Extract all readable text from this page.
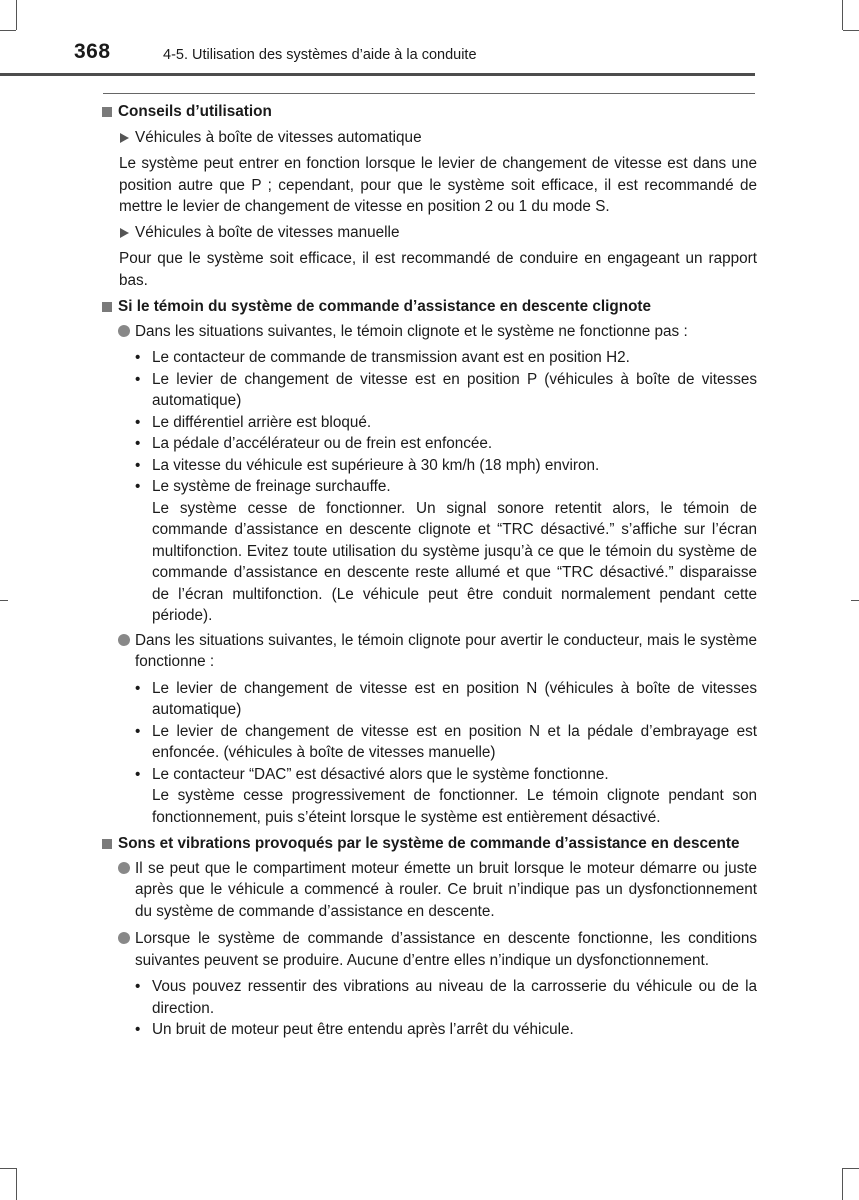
368	4-5. Utilisation des systèmes d’aide à la conduite
Conseils d’utilisation
Véhicules à boîte de vitesses automatique
Le système peut entrer en fonction lorsque le levier de changement de vitesse est dans une position autre que P ; cependant, pour que le système soit efficace, il est recommandé de mettre le levier de changement de vitesse en position 2 ou 1 du mode S.
Véhicules à boîte de vitesses manuelle
Pour que le système soit efficace, il est recommandé de conduire en engageant un rapport bas.
Si le témoin du système de commande d’assistance en descente clignote
Dans les situations suivantes, le témoin clignote et le système ne fonctionne pas :
• Le contacteur de commande de transmission avant est en position H2.
• Le levier de changement de vitesse est en position P (véhicules à boîte de vitesses automatique)
• Le différentiel arrière est bloqué.
• La pédale d’accélérateur ou de frein est enfoncée.
• La vitesse du véhicule est supérieure à 30 km/h (18 mph) environ.
• Le système de freinage surchauffe.
Le système cesse de fonctionner. Un signal sonore retentit alors, le témoin de commande d’assistance en descente clignote et “TRC désactivé.” s’affiche sur l’écran multifonction. Evitez toute utilisation du système jusqu’à ce que le témoin du système de commande d’assistance en descente reste allumé et que “TRC désactivé.” disparaisse de l’écran multifonction. (Le véhicule peut être conduit normalement pendant cette période).
Dans les situations suivantes, le témoin clignote pour avertir le conducteur, mais le système fonctionne :
• Le levier de changement de vitesse est en position N (véhicules à boîte de vitesses automatique)
• Le levier de changement de vitesse est en position N et la pédale d’embrayage est enfoncée. (véhicules à boîte de vitesses manuelle)
• Le contacteur “DAC” est désactivé alors que le système fonctionne.
Le système cesse progressivement de fonctionner. Le témoin clignote pendant son fonctionnement, puis s’éteint lorsque le système est entièrement désactivé.
Sons et vibrations provoqués par le système de commande d’assistance en descente
Il se peut que le compartiment moteur émette un bruit lorsque le moteur démarre ou juste après que le véhicule a commencé à rouler. Ce bruit n’indique pas un dysfonctionnement du système de commande d’assistance en descente.
Lorsque le système de commande d’assistance en descente fonctionne, les conditions suivantes peuvent se produire. Aucune d’entre elles n’indique un dysfonctionnement.
• Vous pouvez ressentir des vibrations au niveau de la carrosserie du véhicule ou de la direction.
• Un bruit de moteur peut être entendu après l’arrêt du véhicule.
